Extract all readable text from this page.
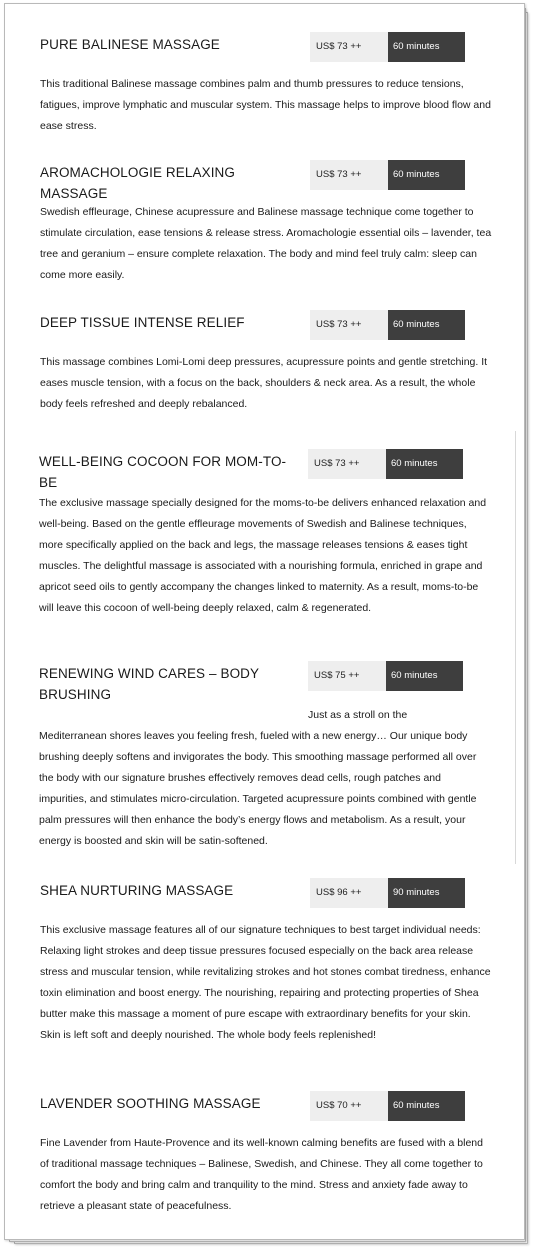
PURE BALINESE MASSAGE	US$ 73 ++	60 minutes

This traditional Balinese massage combines palm and thumb pressures to reduce tensions, fatigues, improve lymphatic and muscular system. This massage helps to improve blood flow and ease stress.

AROMACHOLOGIE RELAXING MASSAGE
US$ 73 ++	60 minutes

Swedish effleurage, Chinese acupressure and Balinese massage technique come together to stimulate circulation, ease tensions & release stress. Aromachologie essential oils – lavender, tea tree and geranium – ensure complete relaxation. The body and mind feel truly calm: sleep can come more easily.

DEEP TISSUE INTENSE RELIEF	US$ 73 ++	60 minutes

This massage combines Lomi-Lomi deep pressures, acupressure points and gentle stretching. It eases muscle tension, with a focus on the back, shoulders & neck area. As a result, the whole body feels refreshed and deeply rebalanced.

WELL-BEING COCOON FOR MOM-TO-BE
US$ 73 ++	60 minutes

The exclusive massage specially designed for the moms-to-be delivers enhanced relaxation and well-being. Based on the gentle effleurage movements of Swedish and Balinese techniques, more specifically applied on the back and legs, the massage releases tensions & eases tight muscles. The delightful massage is associated with a nourishing formula, enriched in grape and apricot seed oils to gently accompany the changes linked to maternity. As a result, moms-to-be will leave this cocoon of well-being deeply relaxed, calm & regenerated.

RENEWING WIND CARES – BODY BRUSHING
US$ 75 ++	60 minutes
Just as a stroll on the

Mediterranean shores leaves you feeling fresh, fueled with a new energy… Our unique body brushing deeply softens and invigorates the body. This smoothing massage performed all over the body with our signature brushes effectively removes dead cells, rough patches and impurities, and stimulates micro-circulation. Targeted acupressure points combined with gentle palm pressures will then enhance the body’s energy flows and metabolism. As a result, your energy is boosted and skin will be satin-softened.

SHEA NURTURING MASSAGE	US$ 96 ++	90 minutes

This exclusive massage features all of our signature techniques to best target individual needs: Relaxing light strokes and deep tissue pressures focused especially on the back area release stress and muscular tension, while revitalizing strokes and hot stones combat tiredness, enhance toxin elimination and boost energy. The nourishing, repairing and protecting properties of Shea butter make this massage a moment of pure escape with extraordinary benefits for your skin. Skin is left soft and deeply nourished. The whole body feels replenished!

LAVENDER SOOTHING MASSAGE	US$ 70 ++	60 minutes

Fine Lavender from Haute-Provence and its well-known calming benefits are fused with a blend of traditional massage techniques – Balinese, Swedish, and Chinese. They all come together to comfort the body and bring calm and tranquility to the mind. Stress and anxiety fade away to retrieve a pleasant state of peacefulness.
